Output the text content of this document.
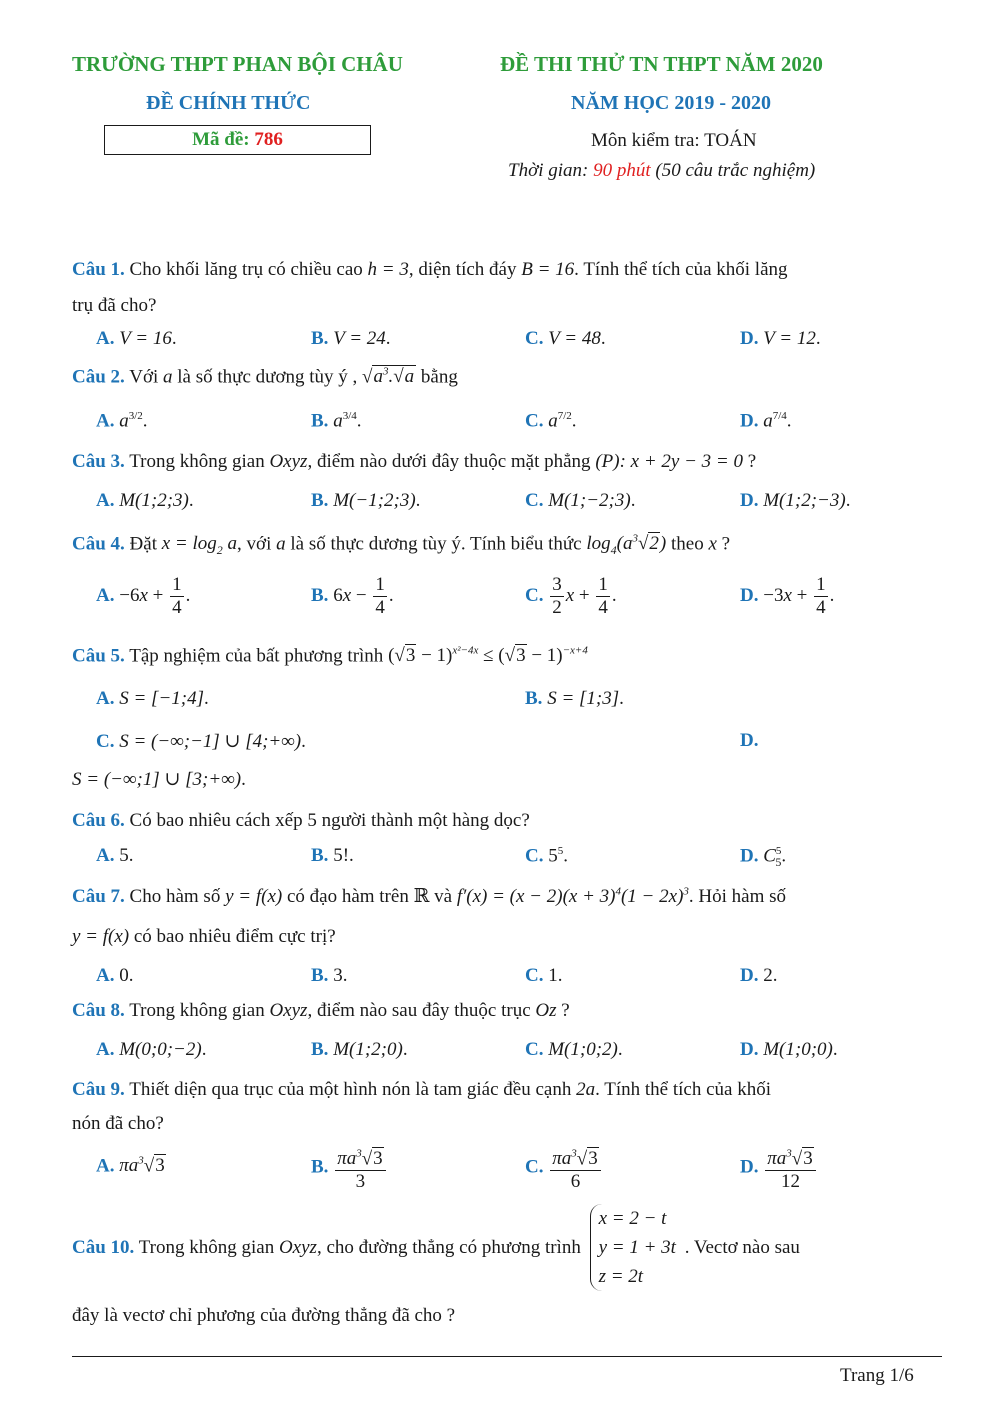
TRƯỜNG THPT PHAN BỘI CHÂU
ĐỀ CHÍNH THỨC
ĐỀ THI THỬ TN THPT NĂM 2020
NĂM HỌC 2019 - 2020
Mã đề: 786	Môn kiểm tra: TOÁN
Thời gian: 90 phút (50 câu trắc nghiệm)
Câu 1. Cho khối lăng trụ có chiều cao h = 3, diện tích đáy B = 16. Tính thể tích của khối lăng
trụ đã cho?
A. V = 16.	B. V = 24.	C. V = 48.	D. V = 12.
Câu 2. Với a là số thực dương tùy ý , $√a^3.√a$ bằng
A. $a^{3/2}$.	B. $a^{3/4}$.	C. $a^{7/2}$.	D. $a^{7/4}$.
Câu 3. Trong không gian Oxyz, điểm nào dưới đây thuộc mặt phẳng (P): x + 2y − 3 = 0 ?
A. M(1;2;3).	B. M(−1;2;3).	C. M(1;−2;3).	D. M(1;2;−3).
Câu 4. Đặt $x = \log_2 a$, với a là số thực dương tùy ý. Tính biểu thức $\log_4(a^3√2)$ theo x ?
A. $-6x + \frac{1}{4}$ .	B. $6x - \frac{1}{4}$ .	C. $\frac{3}{2}$ $x + \frac{1}{4}$ .	D. $-3x + \frac{1}{4}$ .
Câu 5. Tập nghiệm của bất phương trình $(√3 - 1)^{x^2-4x} \le (√3 - 1)^{-x+4}$
A. S = [−1;4].	B. S = [1;3].
C. S = (−∞;−1] ∪ [4;+∞).	D.
S = (−∞;1] ∪ [3;+∞).
Câu 6. Có bao nhiêu cách xếp 5 người thành một hàng dọc?
A. 5.	B. 5!.	C. $5^5$.	D. $C^5_5$.
Câu 7. Cho hàm số y = f(x) có đạo hàm trên ℝ và $f'(x) = (x - 2)(x + 3)^4(1 - 2x)^3$. Hỏi hàm số
y = f(x) có bao nhiêu điểm cực trị?
A. 0.	B. 3.	C. 1.	D. 2.
Câu 8. Trong không gian Oxyz, điểm nào sau đây thuộc trục Oz ?
A. M(0;0;−2).	B. M(1;2;0).	C. M(1;0;2).	D. M(1;0;0).
Câu 9. Thiết diện qua trục của một hình nón là tam giác đều cạnh 2a. Tính thể tích của khối
nón đã cho?
A. $\pi a^3√3$	B. $\frac{\pi a^3√3}{3}$	C. $\frac{\pi a^3√3}{6}$	D. $\frac{\pi a^3√3}{12}$
Câu 10. Trong không gian Oxyz, cho đường thẳng có phương trình x = 2 − t
y = 1 + 3t
z = 2t . Vectơ nào sau
đây là vectơ chỉ phương của đường thẳng đã cho ?
Trang 1/6
